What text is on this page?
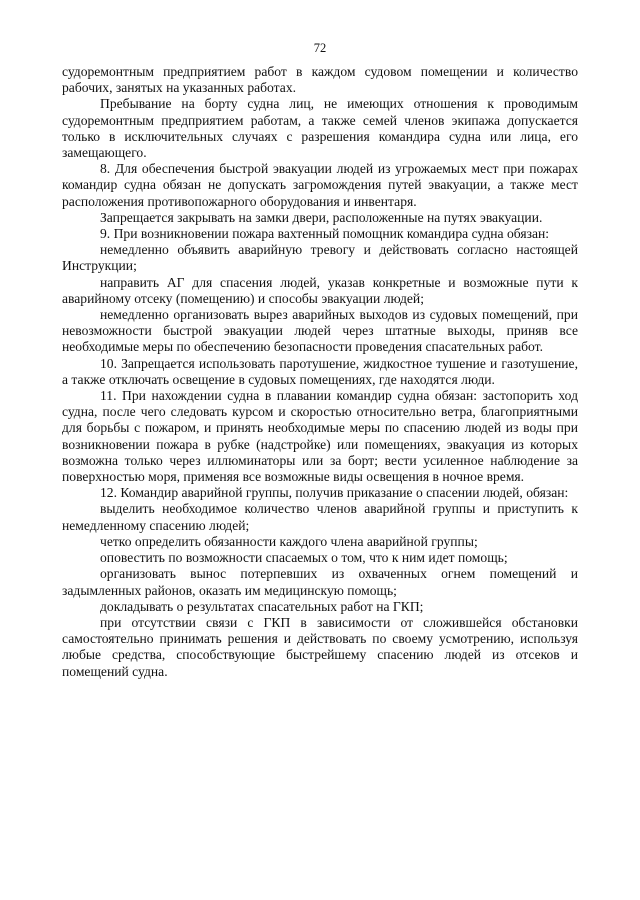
72

судоремонтным предприятием работ в каждом судовом помещении и количество рабочих, занятых на указанных работах.

Пребывание на борту судна лиц, не имеющих отношения к проводимым судоремонтным предприятием работам, а также семей членов экипажа допускается только в исключительных случаях с разрешения командира судна или лица, его замещающего.

8. Для обеспечения быстрой эвакуации людей из угрожаемых мест при пожарах командир судна обязан не допускать загромождения путей эвакуации, а также мест расположения противопожарного оборудования и инвентаря.

Запрещается закрывать на замки двери, расположенные на путях эвакуации.

9. При возникновении пожара вахтенный помощник командира судна обязан:

немедленно объявить аварийную тревогу и действовать согласно настоящей Инструкции;

направить АГ для спасения людей, указав конкретные и возможные пути к аварийному отсеку (помещению) и способы эвакуации людей;

немедленно организовать вырез аварийных выходов из судовых помещений, при невозможности быстрой эвакуации людей через штатные выходы, приняв все необходимые меры по обеспечению безопасности проведения спасательных работ.

10. Запрещается использовать паротушение, жидкостное тушение и газотушение, а также отключать освещение в судовых помещениях, где находятся люди.

11. При нахождении судна в плавании командир судна обязан: застопорить ход судна, после чего следовать курсом и скоростью относительно ветра, благоприятными для борьбы с пожаром, и принять необходимые меры по спасению людей из воды при возникновении пожара в рубке (надстройке) или помещениях, эвакуация из которых возможна только через иллюминаторы или за борт; вести усиленное наблюдение за поверхностью моря, применяя все возможные виды освещения в ночное время.

12. Командир аварийной группы, получив приказание о спасении людей, обязан:

выделить необходимое количество членов аварийной группы и приступить к немедленному спасению людей;

четко определить обязанности каждого члена аварийной группы;

оповестить по возможности спасаемых о том, что к ним идет помощь;

организовать вынос потерпевших из охваченных огнем помещений и задымленных районов, оказать им медицинскую помощь;

докладывать о результатах спасательных работ на ГКП;

при отсутствии связи с ГКП в зависимости от сложившейся обстановки самостоятельно принимать решения и действовать по своему усмотрению, используя любые средства, способствующие быстрейшему спасению людей из отсеков и помещений судна.
